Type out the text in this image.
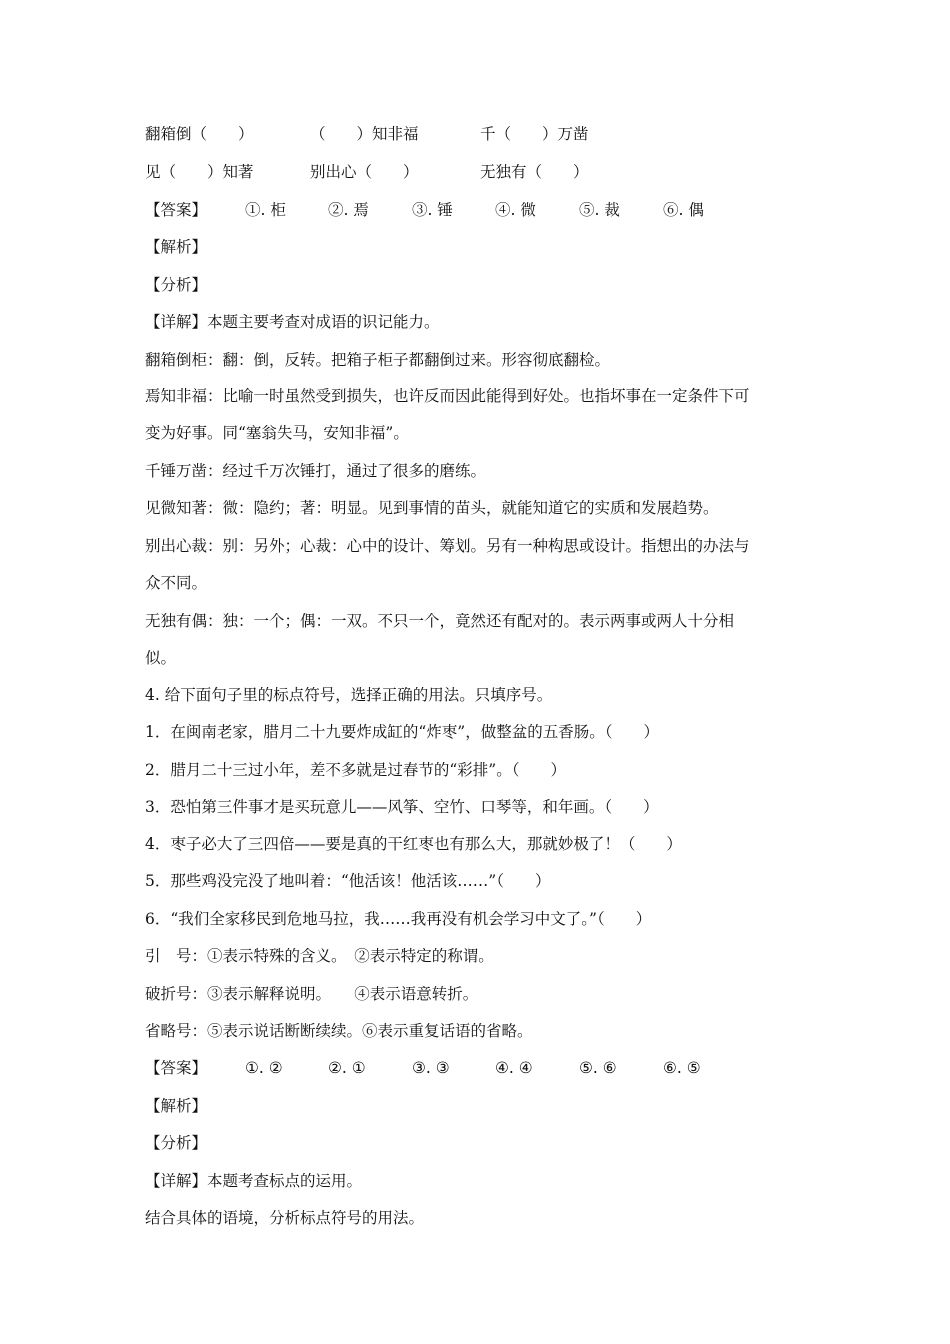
翻箱倒（　　）	（　　）知非福	千（　　）万凿
见（　　）知著	别出心（　　）	无独有（　　）
【答案】 ①. 柜	②. 焉	③. 锤	④. 微	⑤. 裁	⑥. 偶
【解析】
【分析】
【详解】本题主要考查对成语的识记能力。
翻箱倒柜：翻：倒，反转。把箱子柜子都翻倒过来。形容彻底翻检。
焉知非福：比喻一时虽然受到损失，也许反而因此能得到好处。也指坏事在一定条件下可
变为好事。同“塞翁失马，安知非福”。
千锤万凿：经过千万次锤打，通过了很多的磨练。
见微知著：微：隐约；著：明显。见到事情的苗头，就能知道它的实质和发展趋势。
别出心裁：别：另外；心裁：心中的设计、筹划。另有一种构思或设计。指想出的办法与
众不同。
无独有偶：独：一个；偶：一双。不只一个，竟然还有配对的。表示两事或两人十分相
似。
4. 给下面句子里的标点符号，选择正确的用法。只填序号。
1．在闽南老家，腊月二十九要炸成缸的“炸枣”，做整盆的五香肠。（　　）
2．腊月二十三过小年，差不多就是过春节的“彩排”。（　　）
3．恐怕第三件事才是买玩意儿——风筝、空竹、口琴等，和年画。（　　）
4．枣子必大了三四倍——要是真的干红枣也有那么大，那就妙极了！（　　）
5．那些鸡没完没了地叫着：“他活该！他活该……”（　　）
6．“我们全家移民到危地马拉，我……我再没有机会学习中文了。”（　　）
引　号：①表示特殊的含义。　②表示特定的称谓。
破折号：③表示解释说明。　　④表示语意转折。
省略号：⑤表示说话断断续续。⑥表示重复话语的省略。
【答案】 ①. ②	②. ①	③. ③	④. ④	⑤. ⑥	⑥. ⑤
【解析】
【分析】
【详解】本题考查标点的运用。
结合具体的语境，分析标点符号的用法。
